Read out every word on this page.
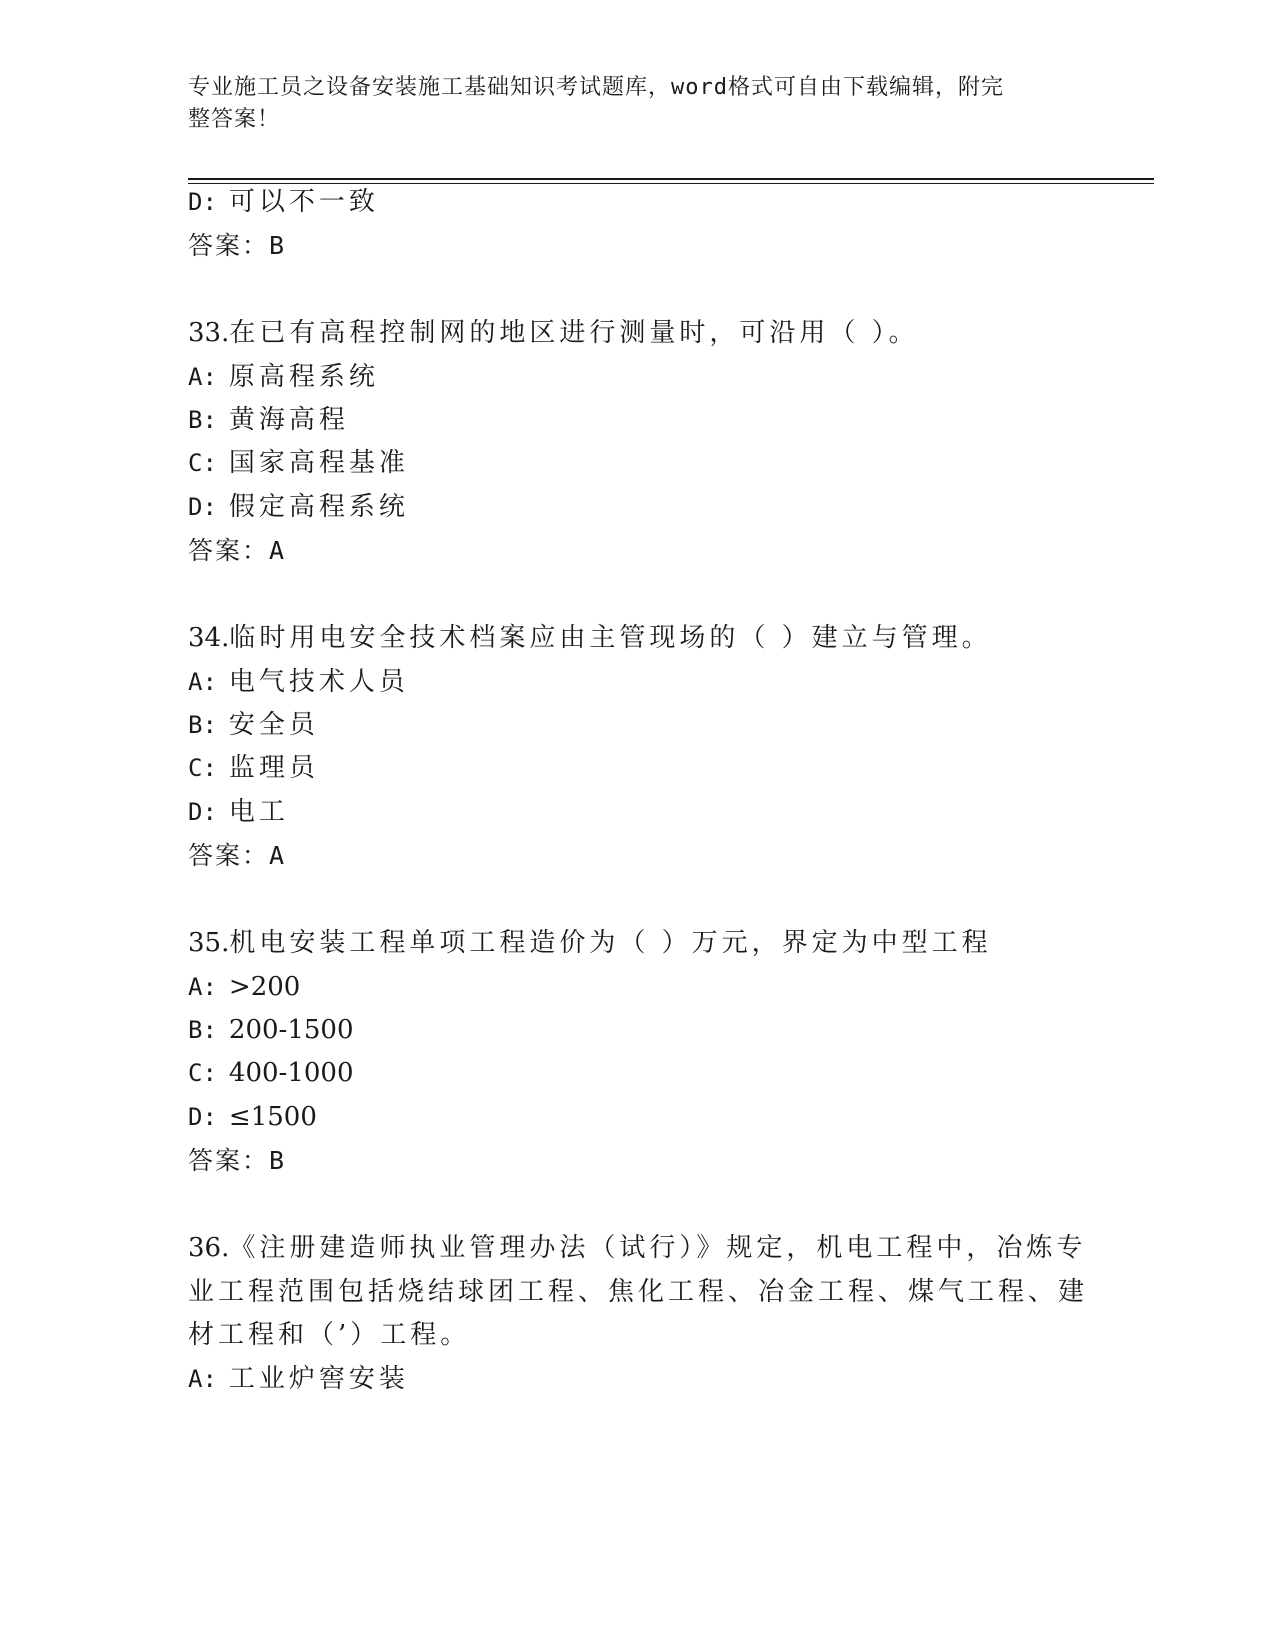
专业施工员之设备安装施工基础知识考试题库，word格式可自由下载编辑，附完
整答案！
D: 可以不一致
答案：B
33.在已有高程控制网的地区进行测量时，可沿用（ ）。
A: 原高程系统
B: 黄海高程
C: 国家高程基准
D: 假定高程系统
答案：A
34.临时用电安全技术档案应由主管现场的（ ）建立与管理。
A: 电气技术人员
B: 安全员
C: 监理员
D: 电工
答案：A
35.机电安装工程单项工程造价为（ ）万元，界定为中型工程
A: >200
B: 200-1500
C: 400-1000
D: ≤1500
答案：B
36.《注册建造师执业管理办法（试行）》规定，机电工程中，冶炼专
业工程范围包括烧结球团工程、焦化工程、冶金工程、煤气工程、建
材工程和（’）工程。
A: 工业炉窖安装
